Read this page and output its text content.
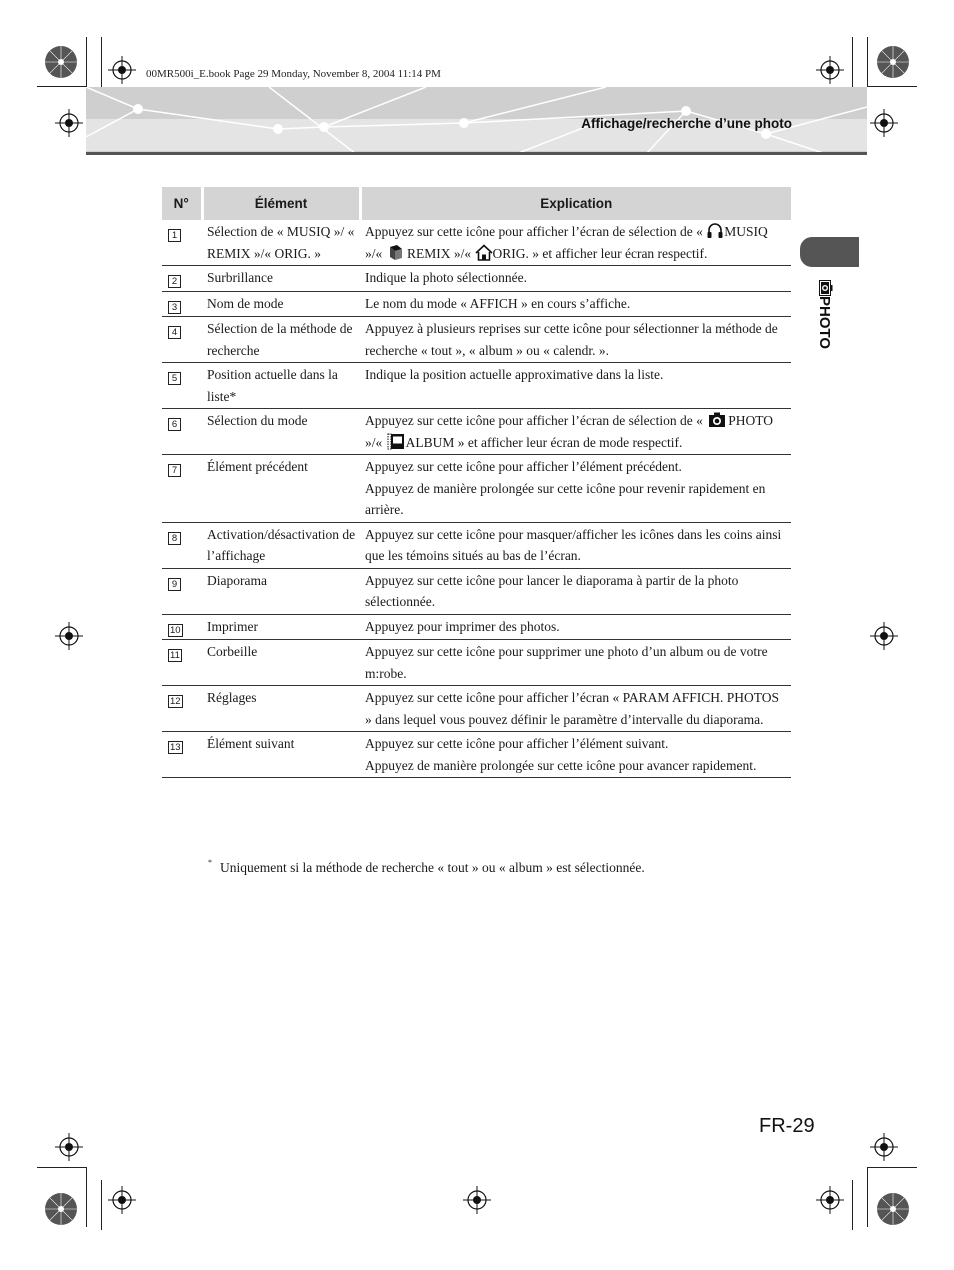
00MR500i_E.book Page 29 Monday, November 8, 2004 11:14 PM
Affichage/recherche d’une photo
PHOTO
N°	Élément	Explication
1	Sélection de « MUSIQ »/ « REMIX »/« ORIG. »	Appuyez sur cette icône pour afficher l’écran de sélection de « MUSIQ »/«  REMIX »/« ORIG. » et afficher leur écran respectif.
2	Surbrillance	Indique la photo sélectionnée.
3	Nom de mode	Le nom du mode « AFFICH » en cours s’affiche.
4	Sélection de la méthode de recherche	Appuyez à plusieurs reprises sur cette icône pour sélectionner la méthode de recherche « tout », « album » ou « calendr. ».
5	Position actuelle dans la liste*	Indique la position actuelle approximative dans la liste.
6	Sélection du mode	Appuyez sur cette icône pour afficher l’écran de sélection de « PHOTO »/« ALBUM » et afficher leur écran de mode respectif.
7	Élément précédent	Appuyez sur cette icône pour afficher l’élément précédent.
Appuyez de manière prolongée sur cette icône pour revenir rapidement en arrière.

8	Activation/désactivation de l’affichage	Appuyez sur cette icône pour masquer/afficher les icônes dans les coins ainsi que les témoins situés au bas de l’écran.
9	Diaporama	Appuyez sur cette icône pour lancer le diaporama à partir de la photo sélectionnée.
10	Imprimer	Appuyez pour imprimer des photos.
11	Corbeille	Appuyez sur cette icône pour supprimer une photo d’un album ou de votre m:robe.
12	Réglages	Appuyez sur cette icône pour afficher l’écran « PARAM AFFICH. PHOTOS » dans lequel vous pouvez définir le paramètre d’intervalle du diaporama.
13	Élément suivant	Appuyez sur cette icône pour afficher l’élément suivant.
Appuyez de manière prolongée sur cette icône pour avancer rapidement.
* Uniquement si la méthode de recherche « tout » ou « album » est sélectionnée.
FR-29
